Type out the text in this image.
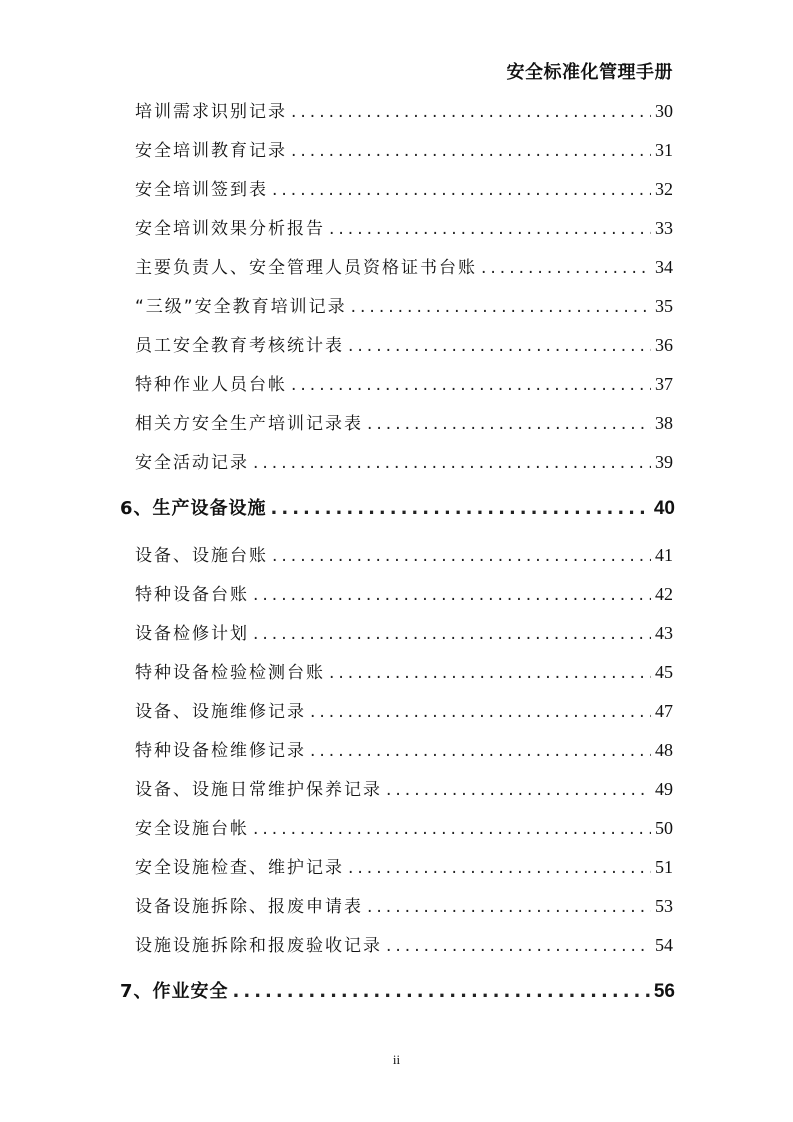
安全标准化管理手册
培训需求识别记录 .....	30
安全培训教育记录 .....	31
安全培训签到表 .....	32
安全培训效果分析报告 .....	33
主要负责人、安全管理人员资格证书台账 .....	34
“三级”安全教育培训记录 .....	35
员工安全教育考核统计表 .....	36
特种作业人员台帐 .....	37
相关方安全生产培训记录表 .....	38
安全活动记录 .....	39
6、生产设备设施 .....	40
设备、设施台账 .....	41
特种设备台账 .....	42
设备检修计划 .....	43
特种设备检验检测台账 .....	45
设备、设施维修记录 .....	47
特种设备检维修记录 .....	48
设备、设施日常维护保养记录 .....	49
安全设施台帐 .....	50
安全设施检查、维护记录 .....	51
设备设施拆除、报废申请表 .....	53
设施设施拆除和报废验收记录 .....	54
7、作业安全 .....	56
ii
